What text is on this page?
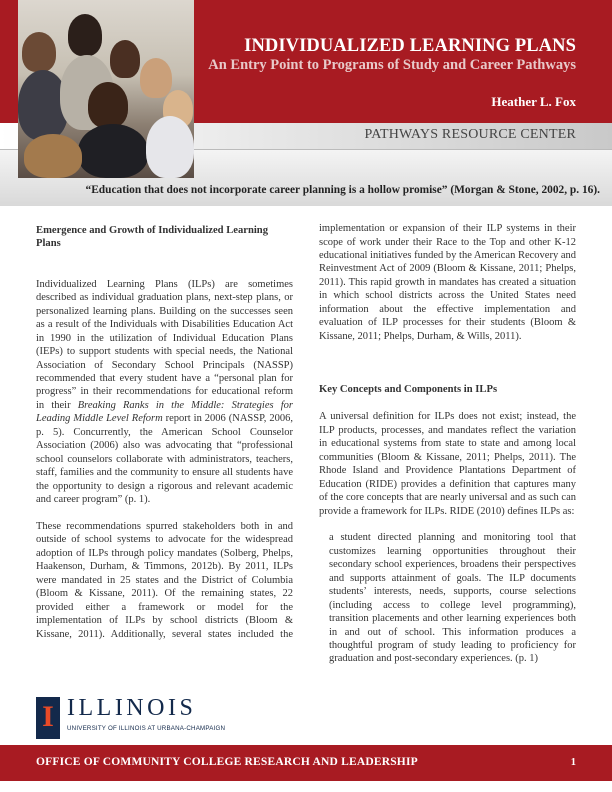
INDIVIDUALIZED LEARNING PLANS
An Entry Point to Programs of Study and Career Pathways
Heather L. Fox
PATHWAYS RESOURCE CENTER

“Education that does not incorporate career planning is a hollow promise” (Morgan & Stone, 2002, p. 16).

Emergence and Growth of Individualized Learning Plans

Individualized Learning Plans (ILPs) are sometimes described as individual graduation plans, next-step plans, or personalized learning plans. Building on the successes seen as a result of the Individuals with Disabilities Education Act in 1990 in the utilization of Individual Education Plans (IEPs) to support students with special needs, the National Association of Secondary School Principals (NASSP) recommended that every student have a “personal plan for progress” in their recommendations for educational reform in their Breaking Ranks in the Middle: Strategies for Leading Middle Level Reform report in 2006 (NASSP, 2006, p. 5). Concurrently, the American School Counselor Association (2006) also was advocating that “professional school counselors collaborate with administrators, teachers, staff, families and the community to ensure all students have the opportunity to design a rigorous and relevant academic and career program” (p. 1).

These recommendations spurred stakeholders both in and outside of school systems to advocate for the widespread adoption of ILPs through policy mandates (Solberg, Phelps, Haakenson, Durham, & Timmons, 2012b). By 2011, ILPs were mandated in 25 states and the District of Columbia (Bloom & Kissane, 2011). Of the remaining states, 22 provided either a framework or model for the implementation of ILPs by school districts (Bloom & Kissane, 2011). Additionally, several states included the

implementation or expansion of their ILP systems in their scope of work under their Race to the Top and other K-12 educational initiatives funded by the American Recovery and Reinvestment Act of 2009 (Bloom & Kissane, 2011; Phelps, 2011). This rapid growth in mandates has created a situation in which school districts across the United States need information about the effective implementation and evaluation of ILP processes for their students (Bloom & Kissane, 2011; Phelps, Durham, & Wills, 2011).

Key Concepts and Components in ILPs

A universal definition for ILPs does not exist; instead, the ILP products, processes, and mandates reflect the variation in educational systems from state to state and among local communities (Bloom & Kissane, 2011; Phelps, 2011). The Rhode Island and Providence Plantations Department of Education (RIDE) provides a definition that captures many of the core concepts that are nearly universal and as such can provide a framework for ILPs. RIDE (2010) defines ILPs as:

a student directed planning and monitoring tool that customizes learning opportunities throughout their secondary school experiences, broadens their perspectives and supports attainment of goals. The ILP documents students’ interests, needs, supports, course selections (including access to college level programming), transition placements and other learning experiences both in and out of school. This information produces a thoughtful program of study leading to proficiency for graduation and post-secondary experiences. (p. 1)

I ILLINOIS
UNIVERSITY OF ILLINOIS AT URBANA-CHAMPAIGN
OFFICE OF COMMUNITY COLLEGE RESEARCH AND LEADERSHIP	1
